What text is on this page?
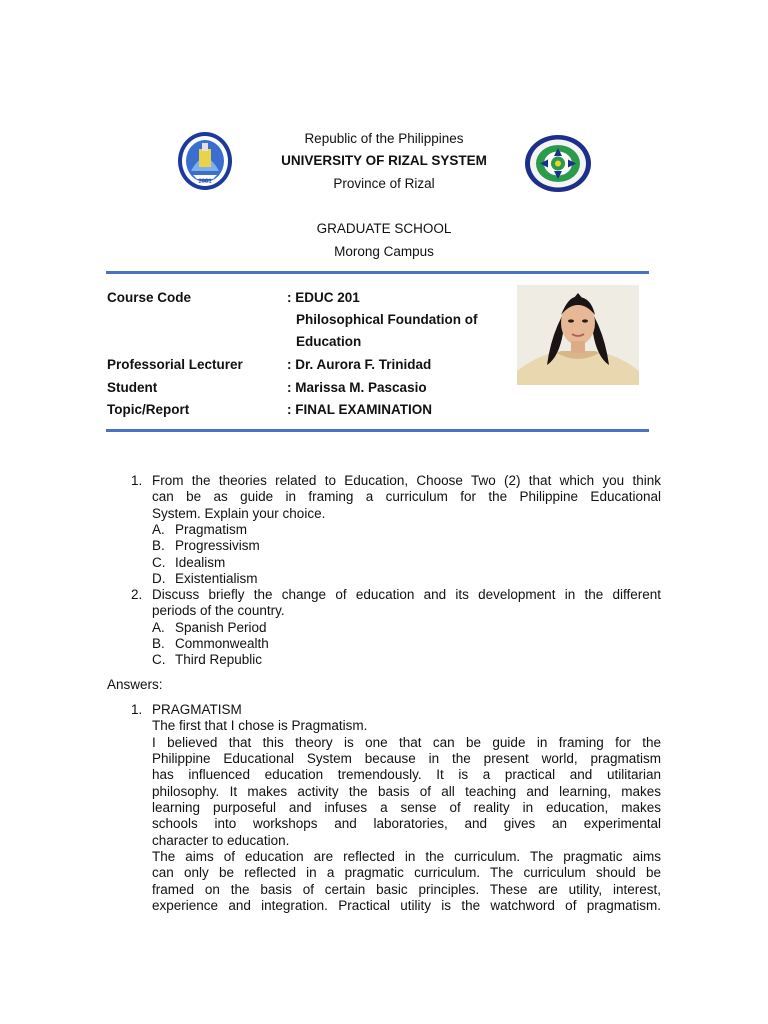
2001
Republic of the Philippines
UNIVERSITY OF RIZAL SYSTEM
Province of Rizal
GRADUATE SCHOOL
Morong Campus
Course Code	: EDUC 201
Philosophical Foundation of
Education
Professorial Lecturer	: Dr. Aurora F. Trinidad
Student	: Marissa M. Pascasio
Topic/Report	: FINAL EXAMINATION
1. From the theories related to Education, Choose Two (2) that which you think
can be as guide in framing a curriculum for the Philippine Educational
System. Explain your choice.
A. Pragmatism
B. Progressivism
C. Idealism
D. Existentialism
2. Discuss briefly the change of education and its development in the different
periods of the country.
A. Spanish Period
B. Commonwealth
C. Third Republic
Answers:
1. PRAGMATISM
The first that I chose is Pragmatism.
I believed that this theory is one that can be guide in framing for the
Philippine Educational System because in the present world, pragmatism
has influenced education tremendously. It is a practical and utilitarian
philosophy. It makes activity the basis of all teaching and learning, makes
learning purposeful and infuses a sense of reality in education, makes
schools into workshops and laboratories, and gives an experimental
character to education.
The aims of education are reflected in the curriculum. The pragmatic aims
can only be reflected in a pragmatic curriculum. The curriculum should be
framed on the basis of certain basic principles. These are utility, interest,
experience and integration. Practical utility is the watchword of pragmatism.
